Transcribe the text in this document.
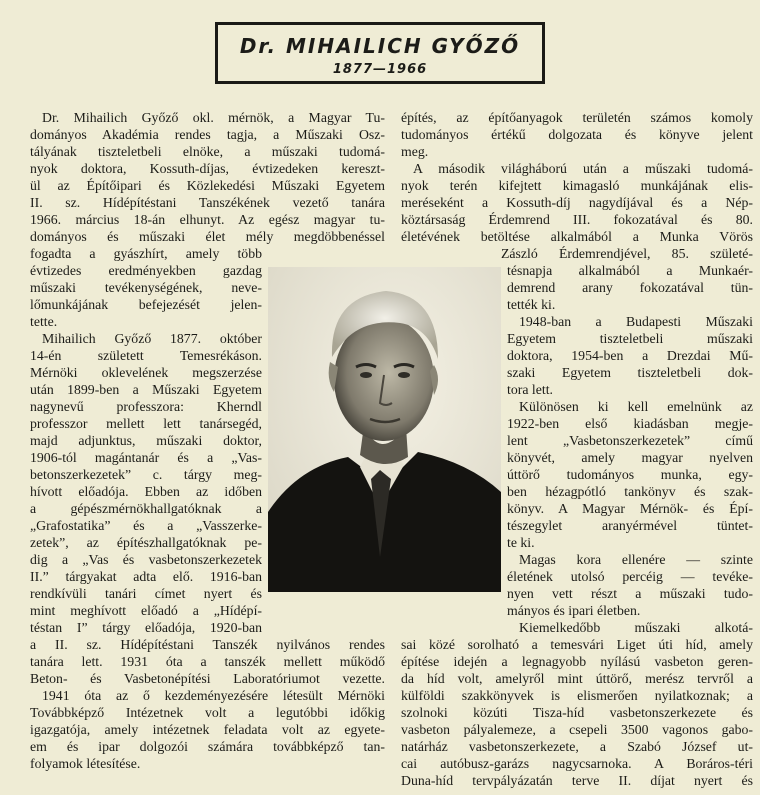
Dr. MIHAILICH GYŐZŐ
1877—1966
Dr. Mihailich Győző okl. mérnök, a Magyar Tu-
dományos Akadémia rendes tagja, a Műszaki Osz-
tályának tiszteletbeli elnöke, a műszaki tudomá-
nyok doktora, Kossuth-díjas, évtizedeken kereszt-
ül az Építőipari és Közlekedési Műszaki Egyetem
II. sz. Hídépítéstani Tanszékének vezető tanára
1966. március 18-án elhunyt. Az egész magyar tu-
dományos és műszaki élet mély megdöbbenéssel
fogadta a gyászhírt, amely több
évtizedes eredményekben gazdag
műszaki tevékenységének, neve-
lőmunkájának befejezését jelen-
tette.
Mihailich Győző 1877. október
14-én született Temesrékáson.
Mérnöki oklevelének megszerzése
után 1899-ben a Műszaki Egyetem
nagynevű professzora: Kherndl
professzor mellett lett tanársegéd,
majd adjunktus, műszaki doktor,
1906-tól magántanár és a „Vas-
betonszerkezetek” c. tárgy meg-
hívott előadója. Ebben az időben
a gépészmérnökhallgatóknak a
„Grafostatika” és a „Vasszerke-
zetek”, az építészhallgatóknak pe-
dig a „Vas és vasbetonszerkezetek
II.” tárgyakat adta elő. 1916-ban
rendkívüli tanári címet nyert és
mint meghívott előadó a „Hídépí-
téstan I” tárgy előadója, 1920-ban
a II. sz. Hídépítéstani Tanszék nyilvános rendes
tanára lett. 1931 óta a tanszék mellett működő
Beton- és Vasbetonépítési Laboratóriumot vezette.
1941 óta az ő kezdeményezésére létesült Mérnöki
Továbbképző Intézetnek volt a legutóbbi időkig
igazgatója, amely intézetnek feladata volt az egyete-
em és ipar dolgozói számára továbbképző tan-
folyamok létesítése.
építés, az építőanyagok területén számos komoly
tudományos értékű dolgozata és könyve jelent
meg.
A második világháború után a műszaki tudomá-
nyok terén kifejtett kimagasló munkájának elis-
meréseként a Kossuth-díj nagydíjával és a Nép-
köztársaság Érdemrend III. fokozatával és 80.
életévének betöltése alkalmából a Munka Vörös
Zászló Érdemrendjével, 85. születé-
tésnapja alkalmából a Munkaér-
demrend arany fokozatával tün-
tették ki.
1948-ban a Budapesti Műszaki
Egyetem tiszteletbeli műszaki
doktora, 1954-ben a Drezdai Mű-
szaki Egyetem tiszteletbeli dok-
tora lett.
Különösen ki kell emelnünk az
1922-ben első kiadásban megje-
lent „Vasbetonszerkezetek” című
könyvét, amely magyar nyelven
úttörő tudományos munka, egy-
ben hézagpótló tankönyv és szak-
könyv. A Magyar Mérnök- és Épí-
tészegylet aranyérmével tüntet-
te ki.
Magas kora ellenére — szinte
életének utolsó percéig — tevéke-
nyen vett részt a műszaki tudo-
mányos és ipari életben.
Kiemelkedőbb műszaki alkotá-
sai közé sorolható a temesvári Liget úti híd, amely
építése idején a legnagyobb nyílású vasbeton geren-
da híd volt, amelyről mint úttörő, merész tervről a
külföldi szakkönyvek is elismerően nyilatkoznak; a
szolnoki közúti Tisza-híd vasbetonszerkezete és
vasbeton pályalemeze, a csepeli 3500 vagonos gabo-
natárház vasbetonszerkezete, a Szabó József ut-
cai autóbusz-garázs nagycsarnoka. A Boráros-téri
Duna-híd tervpályázatán terve II. díjat nyert és
